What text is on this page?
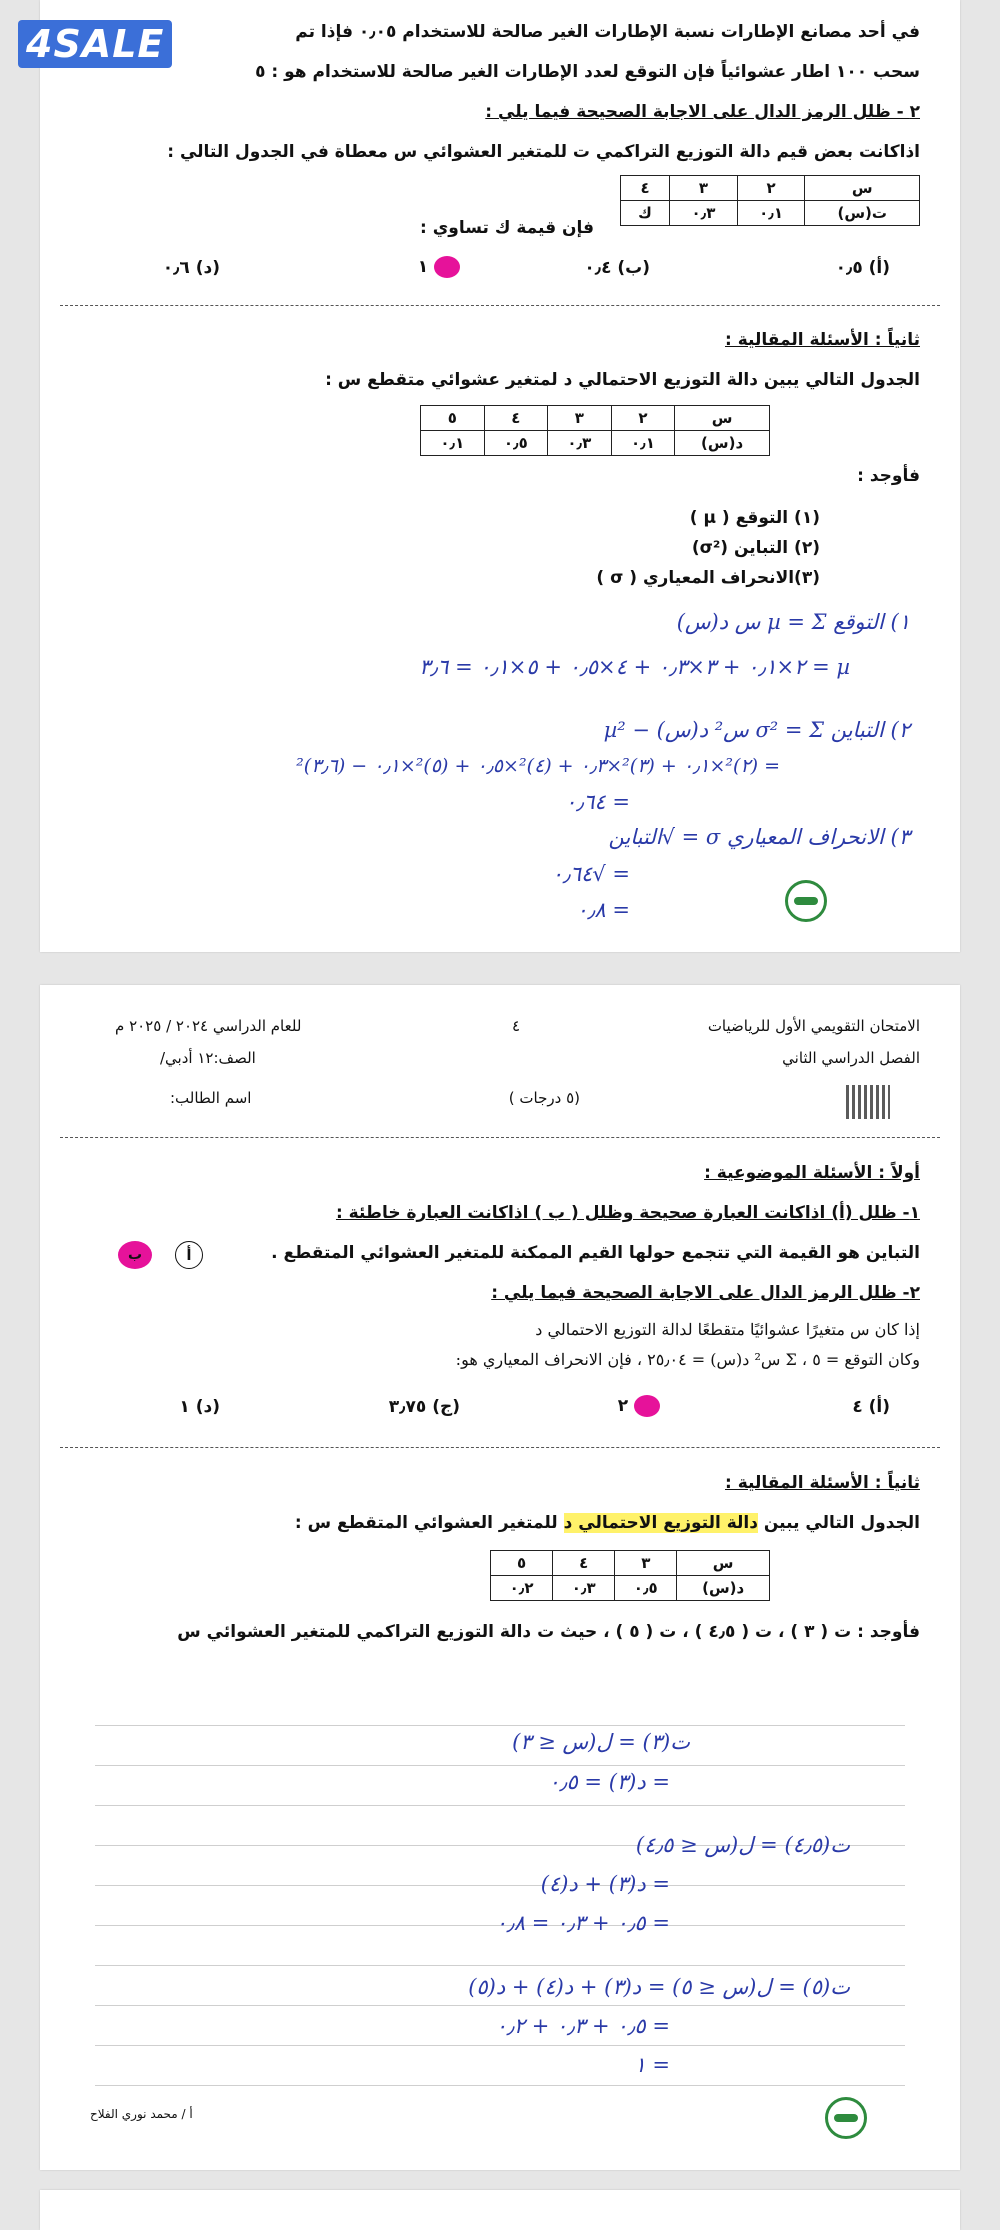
في أحد مصانع الإطارات نسبة الإطارات الغير صالحة للاستخدام ٠٫٠٥ فإذا تم
سحب ١٠٠ اطار عشوائياً فإن التوقع لعدد الإطارات الغير صالحة للاستخدام هو : ٥
٢ - ظلل الرمز الدال على الاجابة الصحيحة فيما يلي :
اذاكانت بعض قيم دالة التوزيع التراكمي ت للمتغير العشوائي س معطاة في الجدول التالي :
س	٢	٣	٤
ت(س)	٠٫١	٠٫٣	ك
فإن قيمة ك تساوي :
(أ) ٠٫٥
(ب) ٠٫٤
١
(د) ٠٫٦
ثانياً : الأسئلة المقالية :
الجدول التالي يبين دالة التوزيع الاحتمالي د لمتغير عشوائي متقطع س :
س	٢	٣	٤	٥
د(س)	٠٫١	٠٫٣	٠٫٥	٠٫١
فأوجد :
(١) التوقع ( µ )
(٢) التباين (σ²)
(٣)الانحراف المعياري ( σ )
١) التوقع µ = Σ س د(س)
µ = ٢×٠٫١ + ٣×٠٫٣ + ٤×٠٫٥ + ٥×٠٫١ = ٣٫٦
٢) التباين σ² = Σ س² د(س) − µ²
= (٢)²×٠٫١ + (٣)²×٠٫٣ + (٤)²×٠٫٥ + (٥)²×٠٫١ − (٣٫٦)²
= ٠٫٦٤
٣) الانحراف المعياري σ = √التباين
= √٠٫٦٤
= ٠٫٨
الامتحان التقويمي الأول للرياضيات
٤
للعام الدراسي ٢٠٢٤ / ٢٠٢٥ م
الفصل الدراسي الثاني
الصف:١٢ أدبي/
(٥ درجات )
اسم الطالب:
أولاً : الأسئلة الموضوعية :
١- ظلل (أ) اذاكانت العبارة صحيحة وظلل ( ب ) اذاكانت العبارة خاطئة :
التباين هو القيمة التي تتجمع حولها القيم الممكنة للمتغير العشوائي المتقطع .
أ
ب
٢- ظلل الرمز الدال على الاجابة الصحيحة فيما يلي :
إذا كان س متغيرًا عشوائيًا متقطعًا لدالة التوزيع الاحتمالي د
وكان التوقع = ٥ ، Σ س² د(س) = ٢٥٫٠٤ ، فإن الانحراف المعياري هو:
(أ) ٤
٢
(ج) ٣٫٧٥
(د) ١
ثانياً : الأسئلة المقالية :
الجدول التالي يبين دالة التوزيع الاحتمالي د للمتغير العشوائي المتقطع س :
س	٣	٤	٥
د(س)	٠٫٥	٠٫٣	٠٫٢
فأوجد : ت ( ٣ ) ، ت ( ٤٫٥ ) ، ت ( ٥ ) ، حيث ت دالة التوزيع التراكمي للمتغير العشوائي س
ت(٣) = ل(س ≤ ٣)
= د(٣) = ٠٫٥
ت(٤٫٥) = ل(س ≤ ٤٫٥)
= د(٣) + د(٤)
= ٠٫٥ + ٠٫٣ = ٠٫٨
ت(٥) = ل(س ≤ ٥) = د(٣) + د(٤) + د(٥)
= ٠٫٥ + ٠٫٣ + ٠٫٢
= ١
أ / محمد نوري الفلاح
4SALE
